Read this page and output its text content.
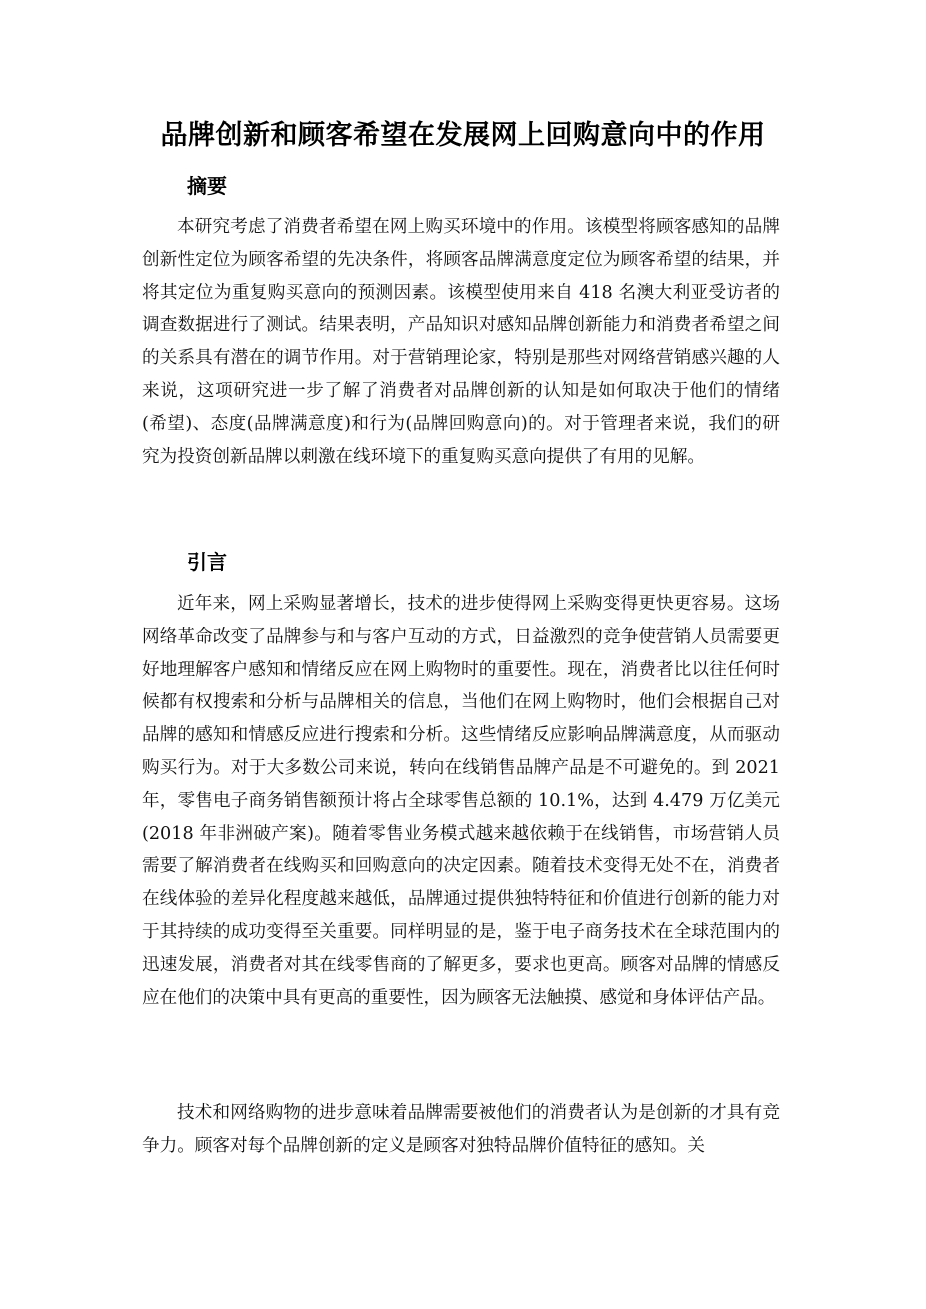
品牌创新和顾客希望在发展网上回购意向中的作用
摘要

本研究考虑了消费者希望在网上购买环境中的作用。该模型将顾客感知的品牌创新性定位为顾客希望的先决条件，将顾客品牌满意度定位为顾客希望的结果，并将其定位为重复购买意向的预测因素。该模型使用来自 418 名澳大利亚受访者的调查数据进行了测试。结果表明，产品知识对感知品牌创新能力和消费者希望之间的关系具有潜在的调节作用。对于营销理论家，特别是那些对网络营销感兴趣的人来说，这项研究进一步了解了消费者对品牌创新的认知是如何取决于他们的情绪(希望)、态度(品牌满意度)和行为(品牌回购意向)的。对于管理者来说，我们的研究为投资创新品牌以刺激在线环境下的重复购买意向提供了有用的见解。

引言

近年来，网上采购显著增长，技术的进步使得网上采购变得更快更容易。这场网络革命改变了品牌参与和与客户互动的方式，日益激烈的竞争使营销人员需要更好地理解客户感知和情绪反应在网上购物时的重要性。现在，消费者比以往任何时候都有权搜索和分析与品牌相关的信息，当他们在网上购物时，他们会根据自己对品牌的感知和情感反应进行搜索和分析。这些情绪反应影响品牌满意度，从而驱动购买行为。对于大多数公司来说，转向在线销售品牌产品是不可避免的。到 2021 年，零售电子商务销售额预计将占全球零售总额的 10.1%，达到 4.479 万亿美元(2018 年非洲破产案)。随着零售业务模式越来越依赖于在线销售，市场营销人员需要了解消费者在线购买和回购意向的决定因素。随着技术变得无处不在，消费者在线体验的差异化程度越来越低，品牌通过提供独特特征和价值进行创新的能力对于其持续的成功变得至关重要。同样明显的是，鉴于电子商务技术在全球范围内的迅速发展，消费者对其在线零售商的了解更多，要求也更高。顾客对品牌的情感反应在他们的决策中具有更高的重要性，因为顾客无法触摸、感觉和身体评估产品。

技术和网络购物的进步意味着品牌需要被他们的消费者认为是创新的才具有竞争力。顾客对每个品牌创新的定义是顾客对独特品牌价值特征的感知。关
